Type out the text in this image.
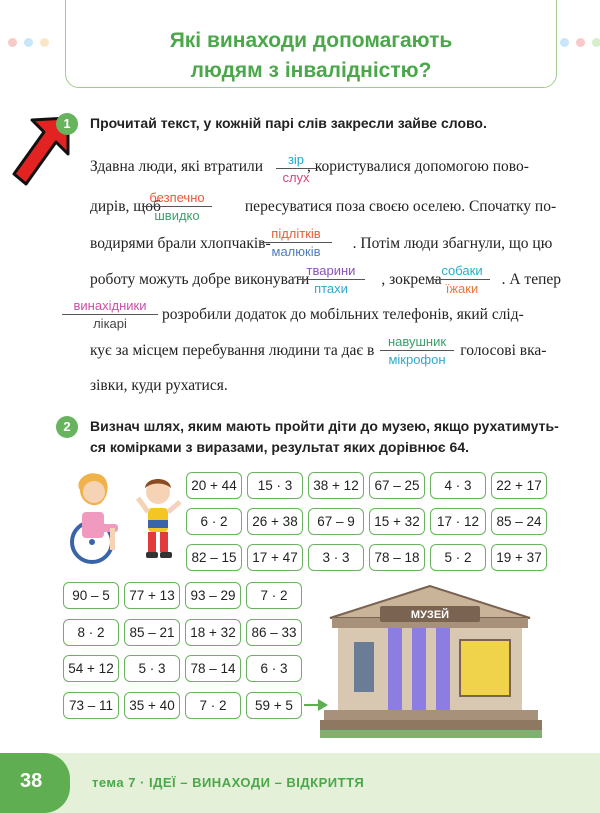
Які винаходи допомагають
людям з інвалідністю?
1	Прочитай текст, у кожній парі слів закресли зайве слово.
Здавна люди, які втратили	, користувалися допомогою пово-
зір
слух
дирів, щоб	пересуватися поза своєю оселею. Спочатку по-
безпечно
швидко
водирями брали хлопчаків-	. Потім люди збагнули, що цю
підлітків
малюків
роботу можуть добре виконувати	, зокрема	. А тепер
тварини
птахи
собаки
їжаки
розробили додаток до мобільних телефонів, який слід-
винахідники
лікарі
кує за місцем перебування людини та дає в	голосові вка-
навушник
мікрофон
зівки, куди рухатися.
2	Визнач шлях, яким мають пройти діти до музею, якщо рухатимуть-
ся комірками з виразами, результат яких дорівнює 64.
20 + 44	15 · 3	38 + 12	67 – 25	4 · 3	22 + 17
6 · 2	26 + 38	67 – 9	15 + 32	17 · 12	85 – 24
82 – 15	17 + 47	3 · 3	78 – 18	5 · 2	19 + 37
90 – 5	77 + 13	93 – 29	7 · 2
8 · 2	85 – 21	18 + 32	86 – 33
54 + 12	5 · 3	78 – 14	6 · 3
73 – 11	35 + 40	7 · 2	59 + 5
МУЗЕЙ
38	тема 7 · ІДЕЇ – ВИНАХОДИ – ВІДКРИТТЯ
